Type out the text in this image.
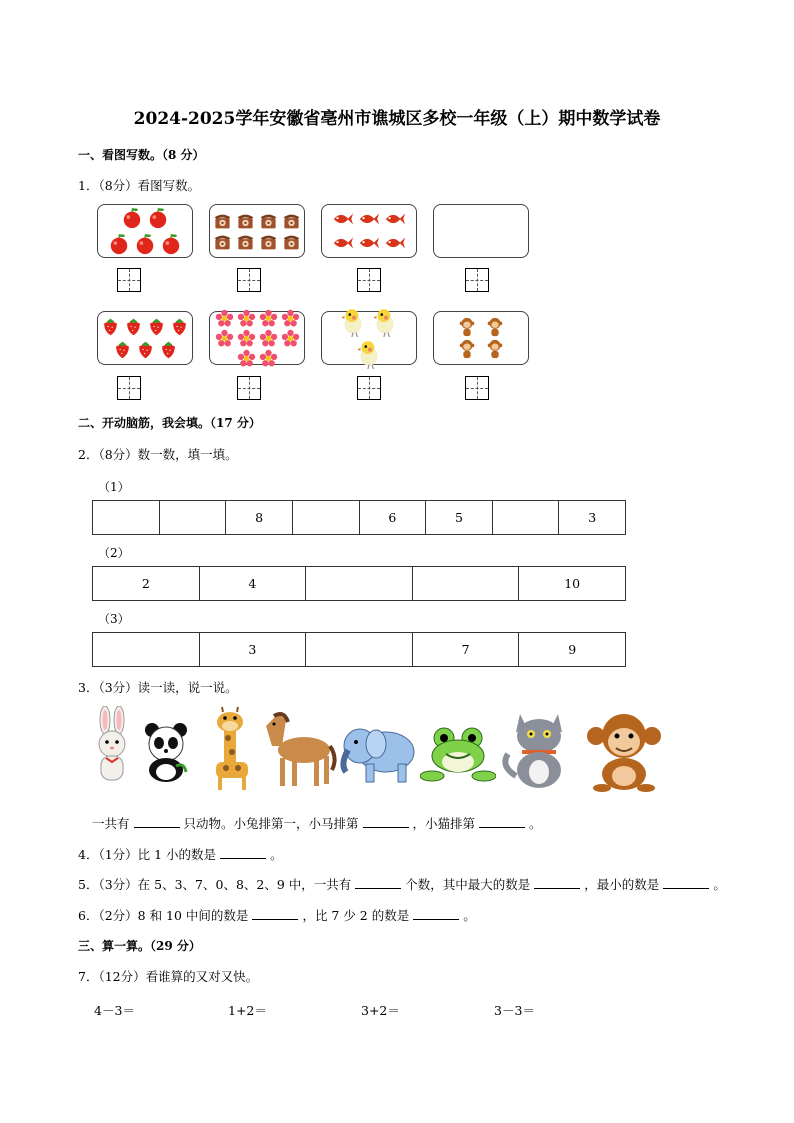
2024-2025学年安徽省亳州市谯城区多校一年级（上）期中数学试卷
一、看图写数。（8 分）
1．（8分）看图写数。
二、开动脑筋，我会填。（17 分）
2．（8分）数一数，填一填。
（1）
		8		6	5		3
（2）
2	4			10
（3）
	3		7	9
3．（3分）读一读，说一说。
一共有	只动物。小兔排第一，小马排第	，小猫排第	。
4．（1分）比 1 小的数是	。
5．（3分）在 5、3、7、0、8、2、9 中，一共有	个数，其中最大的数是	，最小的数是	。
6．（2分）8 和 10 中间的数是	，比 7 少 2 的数是	。
三、算一算。（29 分）
7．（12分）看谁算的又对又快。
4－3＝	1+2＝	3+2＝	3－3＝
